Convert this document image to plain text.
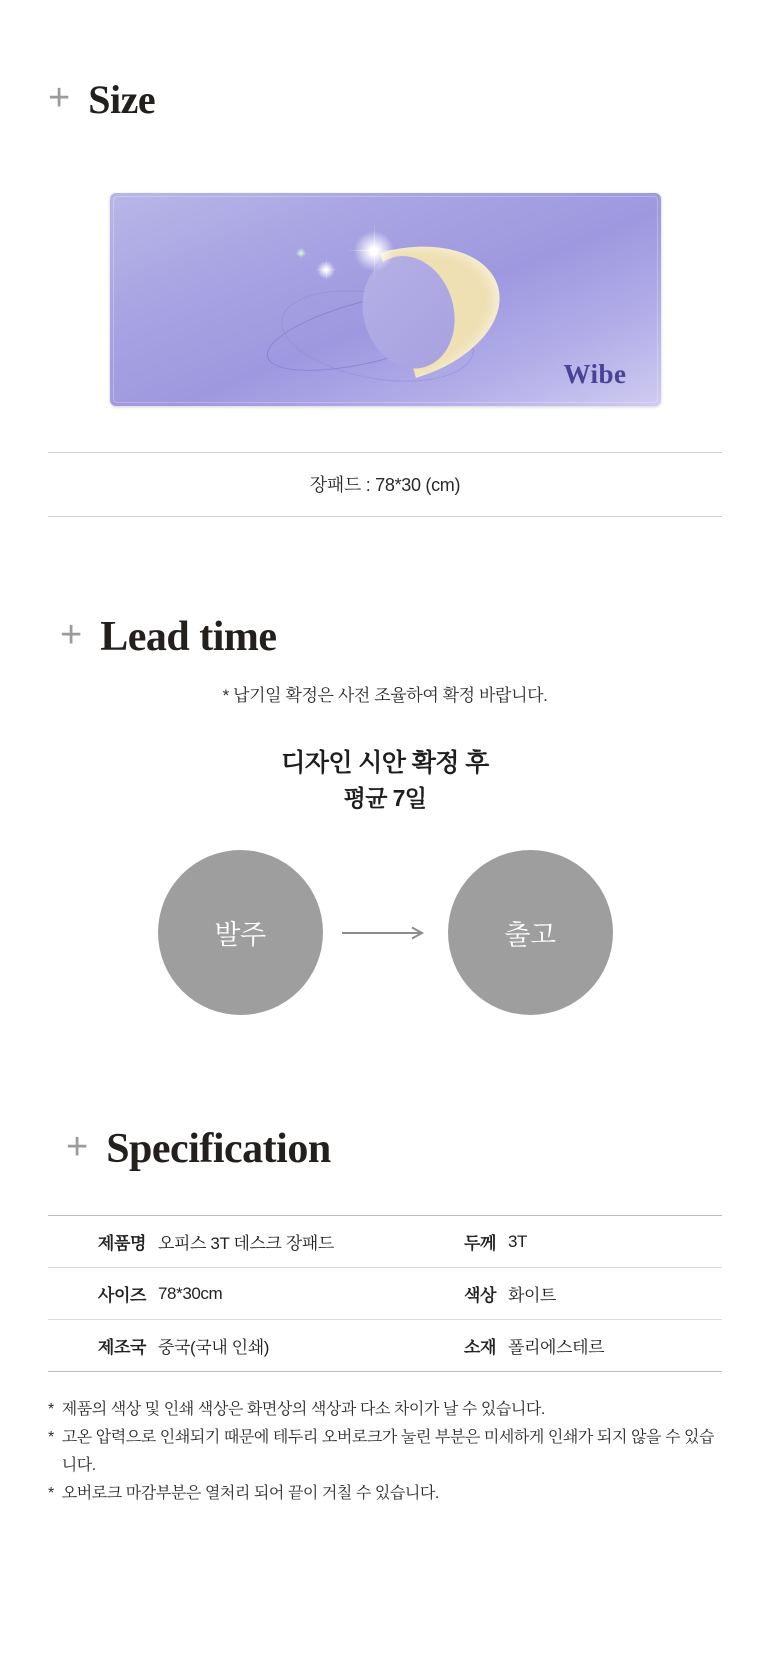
+ Size
Wibe
장패드 : 78*30 (cm)
+ Lead time
* 납기일 확정은 사전 조율하여 확정 바랍니다.
디자인 시안 확정 후
평균 7일
발주	출고
+ Specification
제품명	오피스 3T 데스크 장패드	두께	3T
사이즈	78*30cm	색상	화이트
제조국	중국(국내 인쇄)	소재	폴리에스테르
* 제품의 색상 및 인쇄 색상은 화면상의 색상과 다소 차이가 날 수 있습니다.
* 고온 압력으로 인쇄되기 때문에 테두리 오버로크가 눌린 부분은 미세하게 인쇄가 되지 않을 수 있습니다.
* 오버로크 마감부분은 열처리 되어 끝이 거칠 수 있습니다.
